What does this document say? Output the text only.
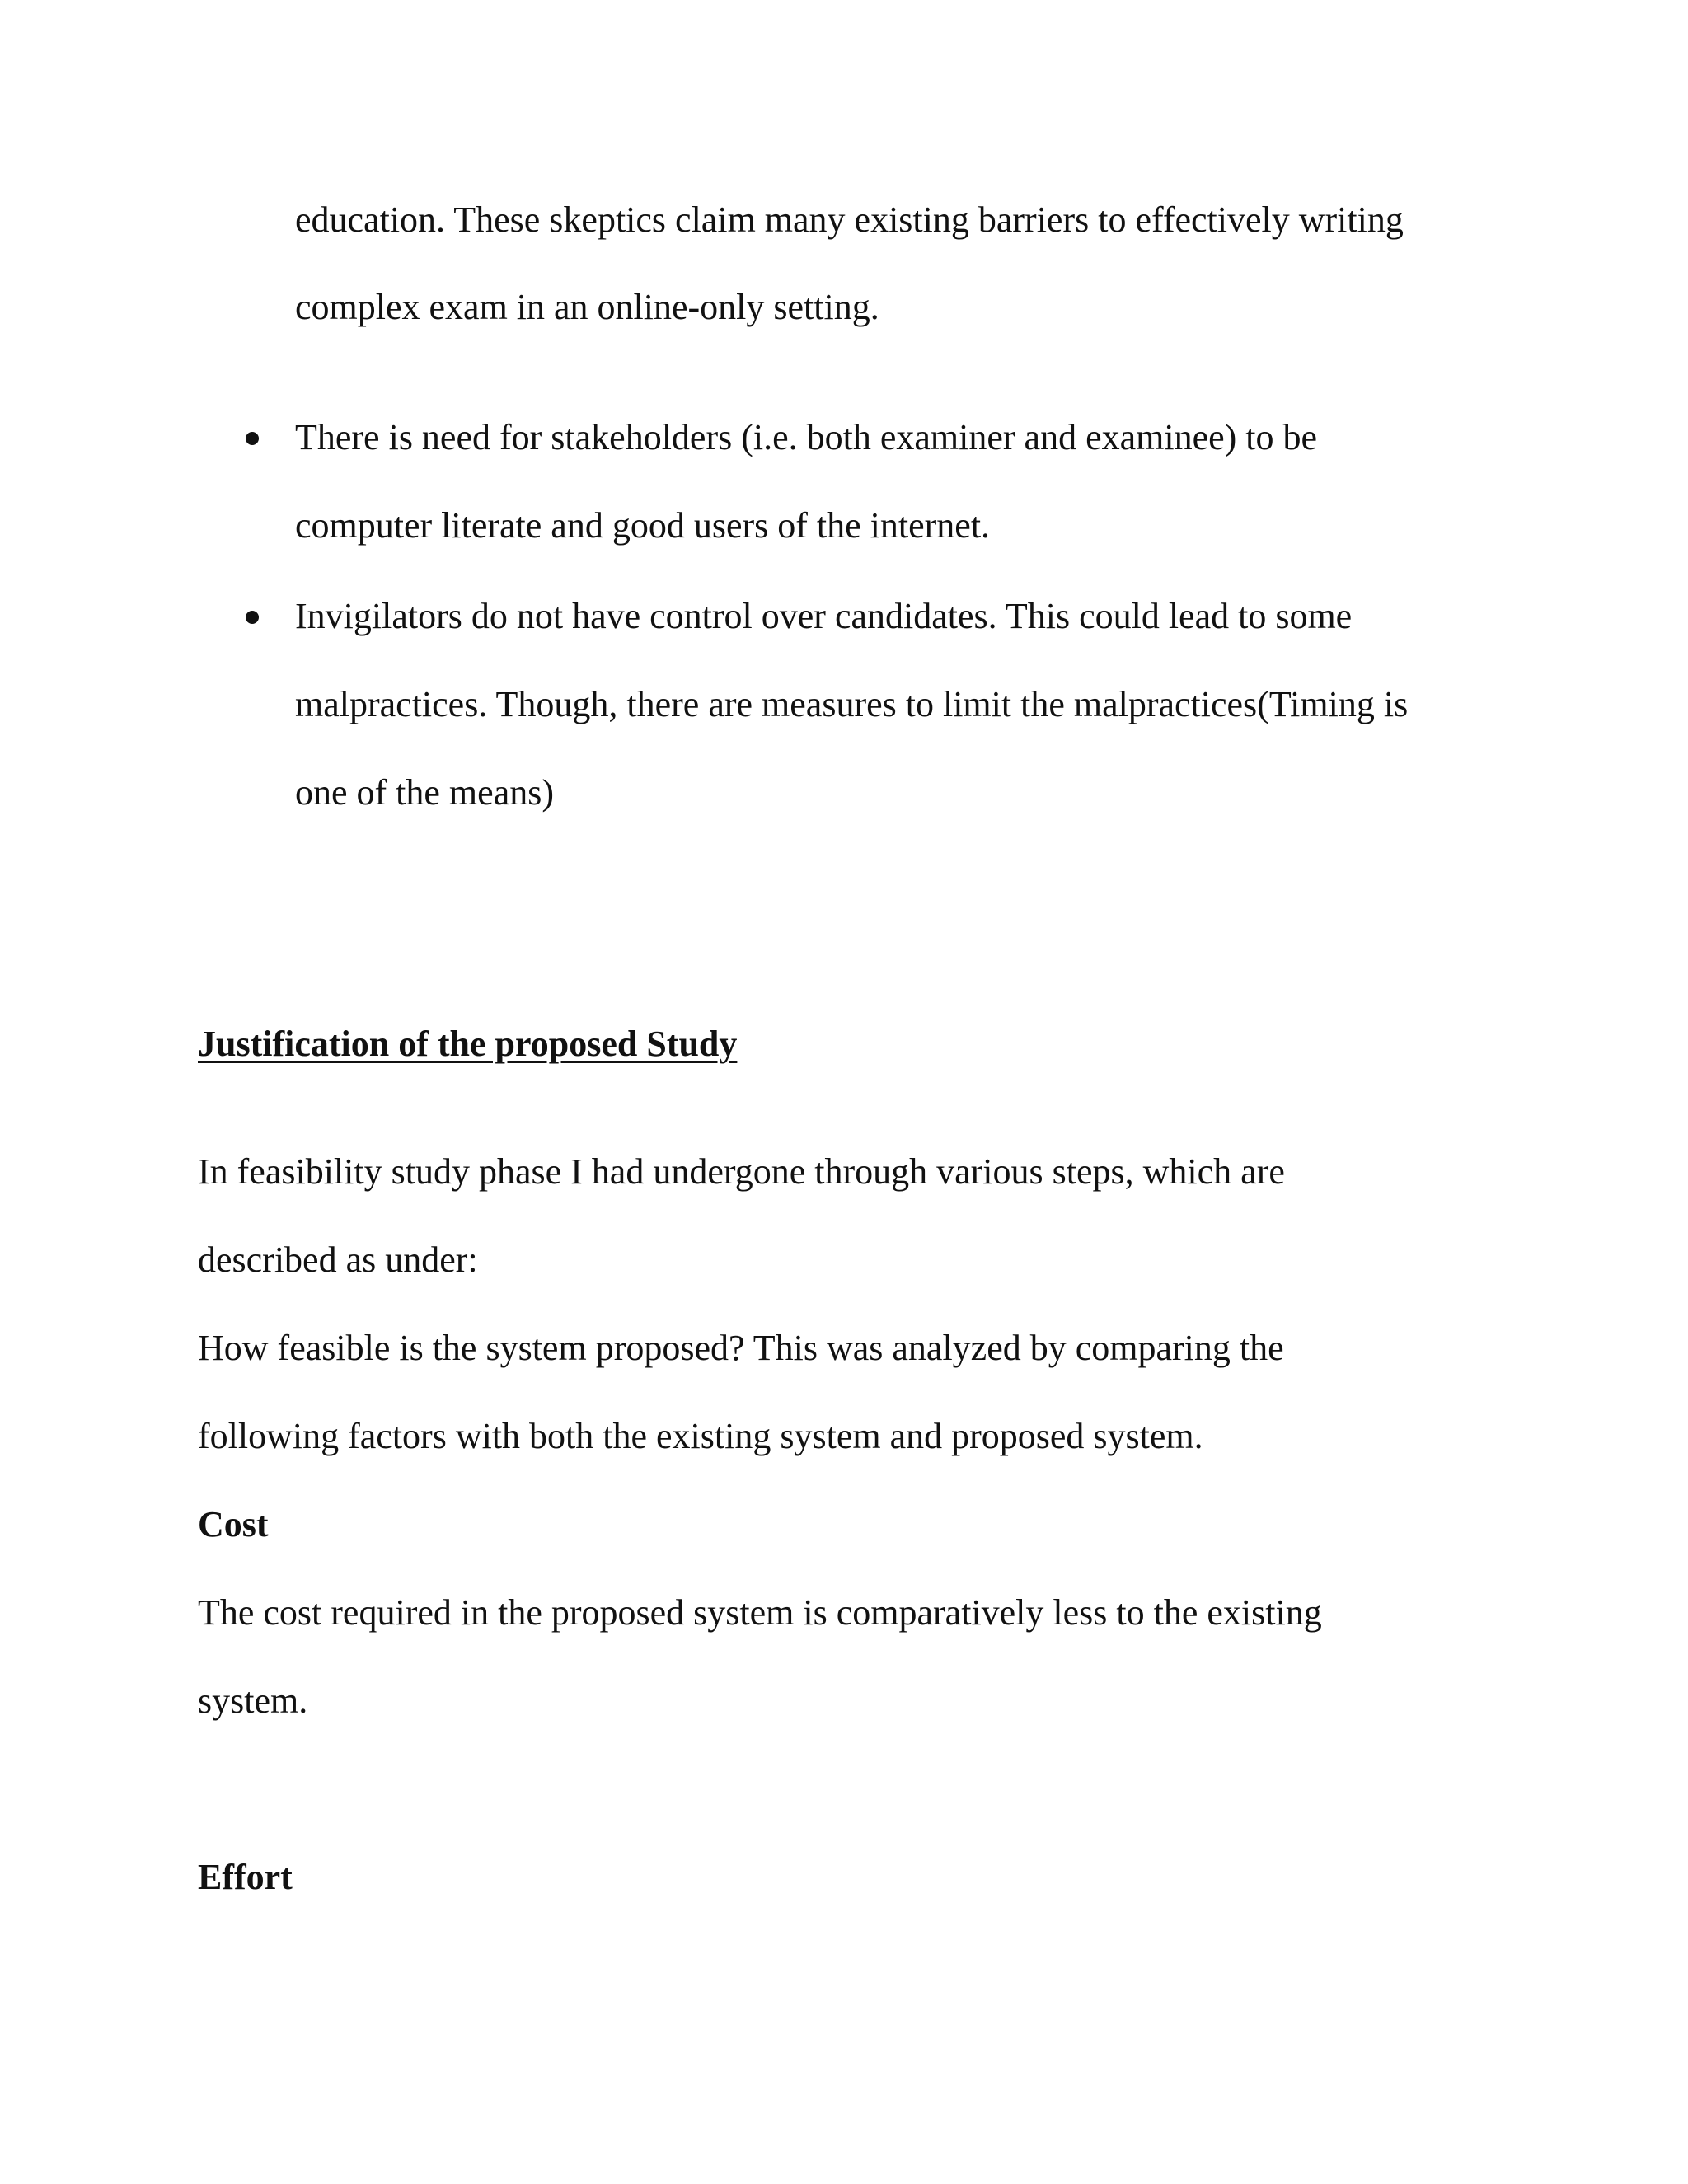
education. These skeptics claim many existing barriers to effectively writing
complex exam in an online-only setting.
There is need for stakeholders (i.e. both examiner and examinee) to be
computer literate and good users of the internet.
Invigilators do not have control over candidates. This could lead to some
malpractices. Though, there are measures to limit the malpractices(Timing is
one of the means)
Justification of the proposed Study
In feasibility study phase I had undergone through various steps, which are
described as under:
How feasible is the system proposed? This was analyzed by comparing the
following factors with both the existing system and proposed system.
Cost
The cost required in the proposed system is comparatively less to the existing
system.
Effort
